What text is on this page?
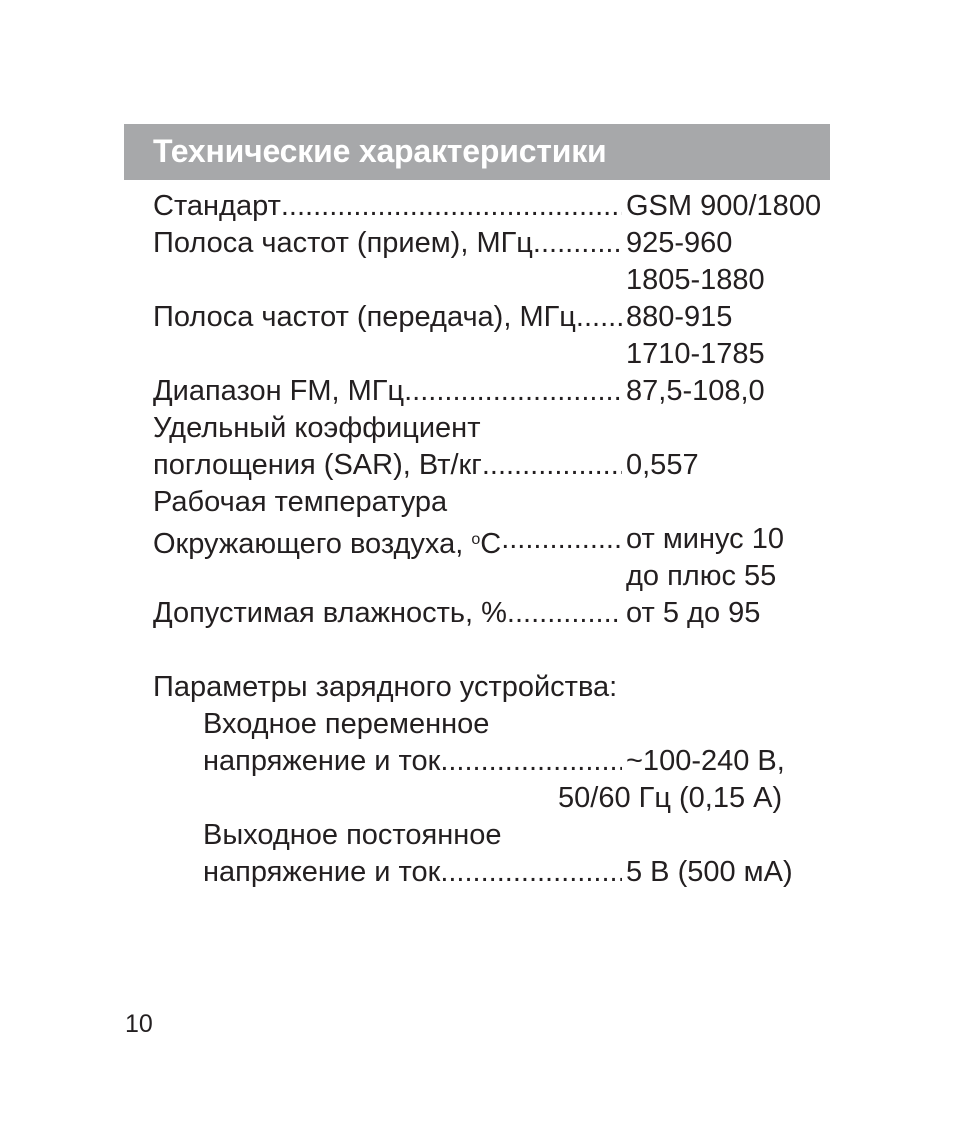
Технические характеристики
Стандарт .....	GSM 900/1800
Полоса частот (прием), МГц .....	925-960
1805-1880
Полоса частот (передача), МГц ..... 880-915
1710-1785
Диапазон FM, МГц .....	87,5-108,0
Удельный коэффициент
поглощения (SAR), Вт/кг .....	0,557
Рабочая температура
Окружающего воздуха, $^o$С .....	от минус 10
до плюс 55
Допустимая влажность, % .....	от 5 до 95
Параметры зарядного устройства:
Входное переменное
напряжение и ток .....	~100-240 В,
50/60 Гц (0,15 А)
Выходное постоянное
напряжение и ток .....	5 В (500 мА)
10
